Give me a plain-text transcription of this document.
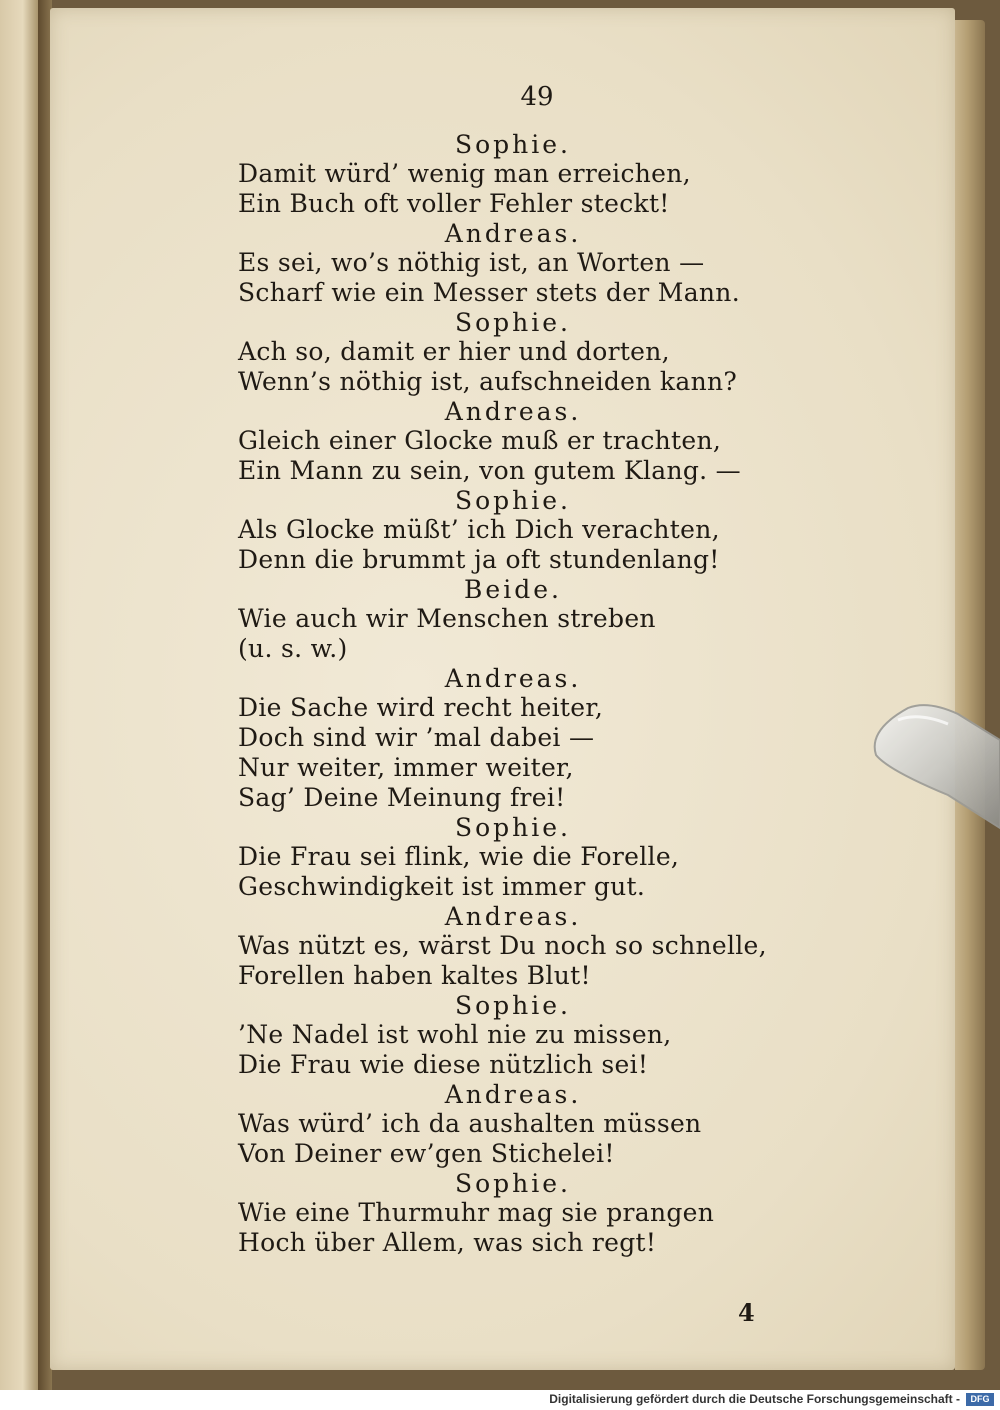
49
Sophie.
Damit würd’ wenig man erreichen,
Ein Buch oft voller Fehler steckt!
Andreas.
Es sei, wo’s nöthig ist, an Worten —
Scharf wie ein Messer stets der Mann.
Sophie.
Ach so, damit er hier und dorten,
Wenn’s nöthig ist, aufschneiden kann?
Andreas.
Gleich einer Glocke muß er trachten,
Ein Mann zu sein, von gutem Klang. —
Sophie.
Als Glocke müßt’ ich Dich verachten,
Denn die brummt ja oft stundenlang!
Beide.
Wie auch wir Menschen streben
(u. s. w.)
Andreas.
Die Sache wird recht heiter,
Doch sind wir ’mal dabei —
Nur weiter, immer weiter,
Sag’ Deine Meinung frei!
Sophie.
Die Frau sei flink, wie die Forelle,
Geschwindigkeit ist immer gut.
Andreas.
Was nützt es, wärst Du noch so schnelle,
Forellen haben kaltes Blut!
Sophie.
’Ne Nadel ist wohl nie zu missen,
Die Frau wie diese nützlich sei!
Andreas.
Was würd’ ich da aushalten müssen
Von Deiner ew’gen Stichelei!
Sophie.
Wie eine Thurmuhr mag sie prangen
Hoch über Allem, was sich regt!
4
Digitalisierung gefördert durch die Deutsche Forschungsgemeinschaft -	DFG
